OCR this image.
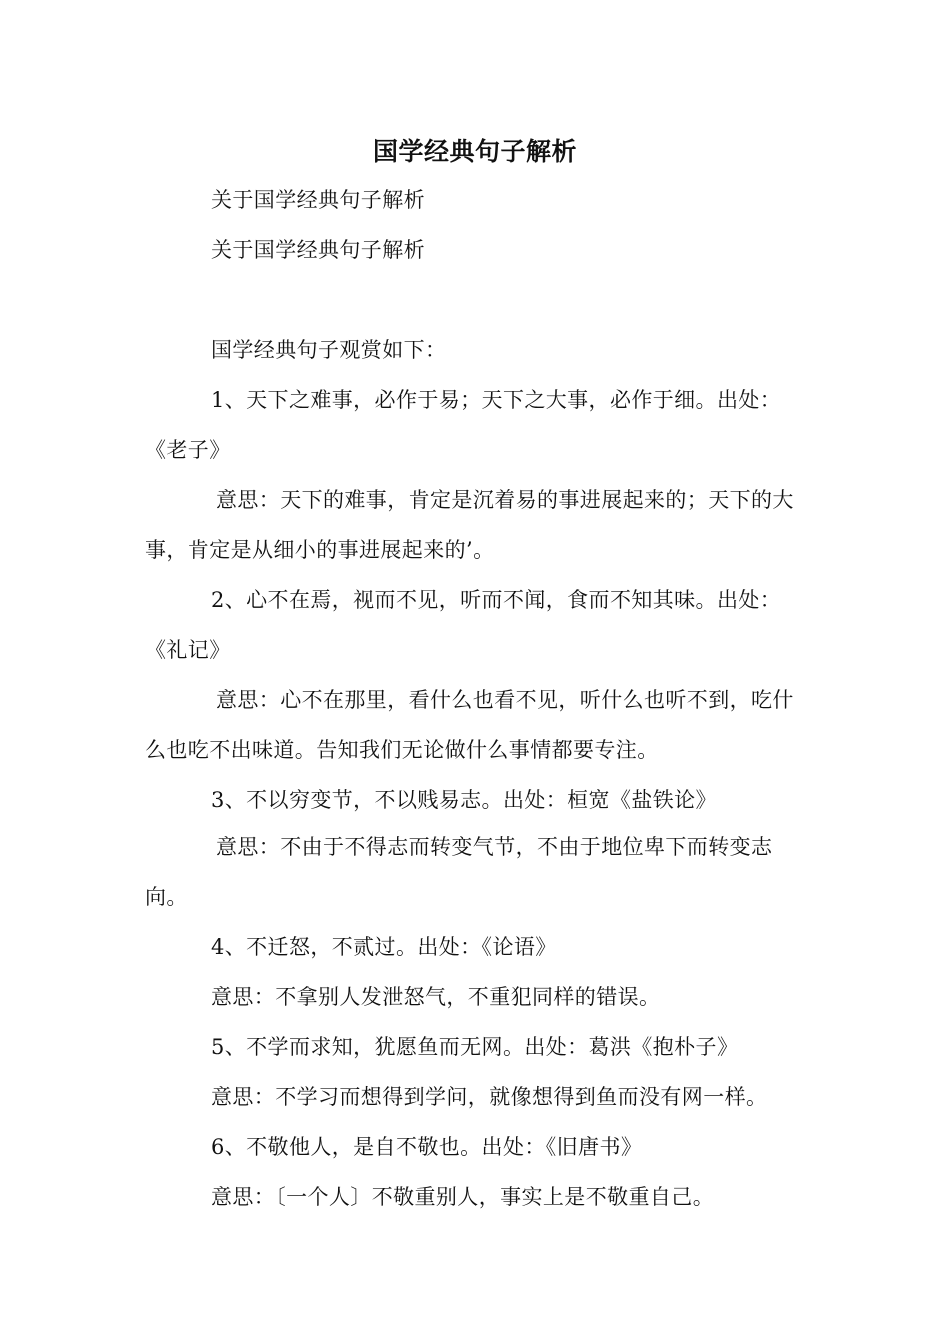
国学经典句子解析

关于国学经典句子解析

关于国学经典句子解析

国学经典句子观赏如下：

1、天下之难事，必作于易；天下之大事，必作于细。出处：《老子》

意思：天下的难事，肯定是沉着易的事进展起来的；天下的大事，肯定是从细小的事进展起来的’。

2、心不在焉，视而不见，听而不闻，食而不知其味。出处：《礼记》

意思：心不在那里，看什么也看不见，听什么也听不到，吃什么也吃不出味道。告知我们无论做什么事情都要专注。

3、不以穷变节，不以贱易志。出处：桓宽《盐铁论》

意思：不由于不得志而转变气节，不由于地位卑下而转变志向。

4、不迁怒，不贰过。出处：《论语》

意思：不拿别人发泄怒气，不重犯同样的错误。

5、不学而求知，犹愿鱼而无网。出处：葛洪《抱朴子》

意思：不学习而想得到学问，就像想得到鱼而没有网一样。

6、不敬他人，是自不敬也。出处：《旧唐书》

意思：〔一个人〕不敬重别人，事实上是不敬重自己。
